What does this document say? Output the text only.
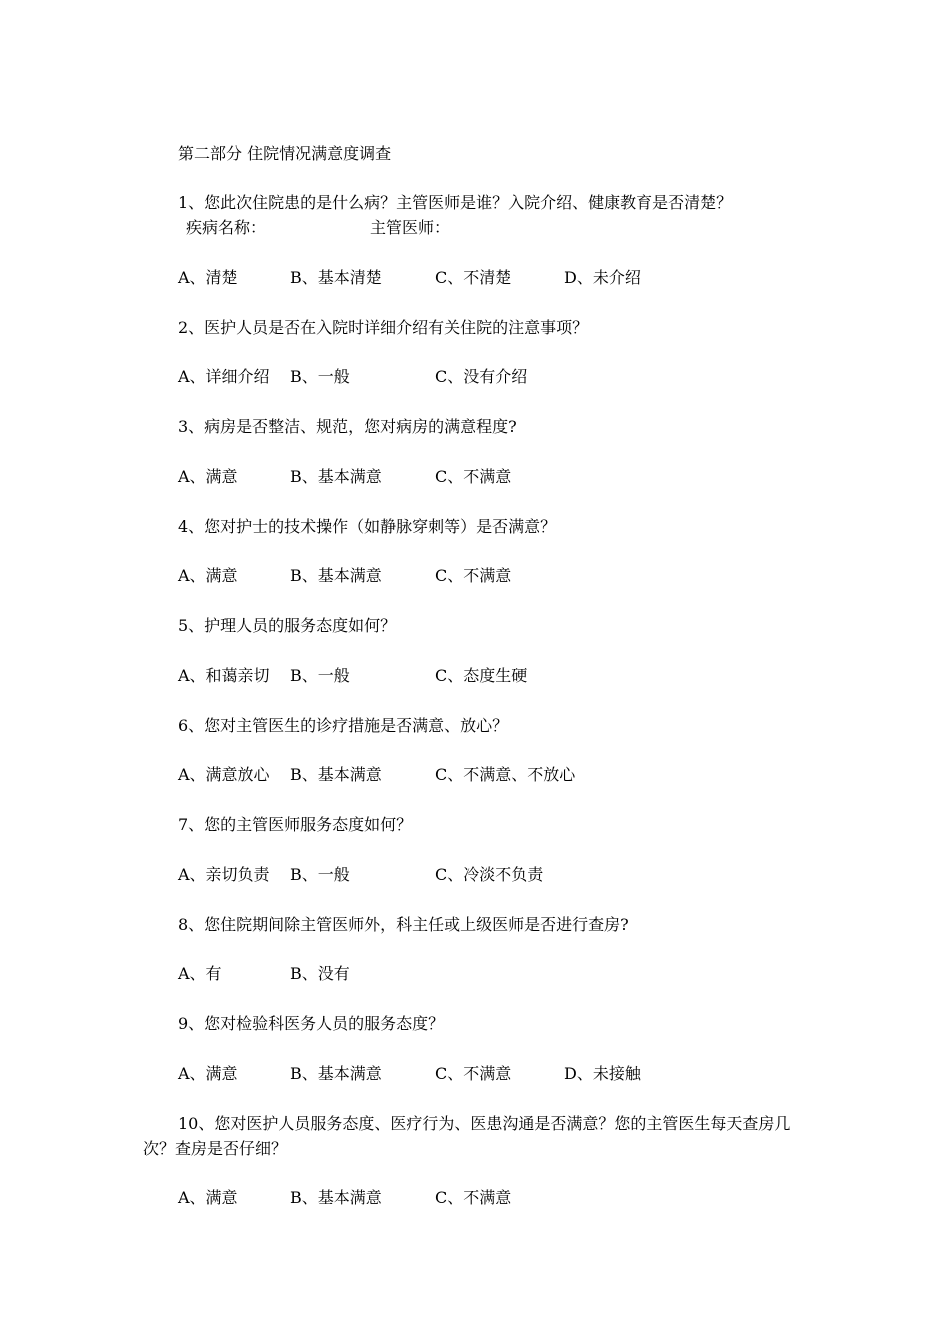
第二部分 住院情况满意度调查
1、您此次住院患的是什么病？主管医师是谁？入院介绍、健康教育是否清楚？
疾病名称：	主管医师：
A、清楚	B、基本清楚	C、不清楚	D、未介绍
2、医护人员是否在入院时详细介绍有关住院的注意事项？
A、详细介绍 B、一般	C、没有介绍
3、病房是否整洁、规范，您对病房的满意程度?
A、满意	B、基本满意	C、不满意
4、您对护士的技术操作（如静脉穿刺等）是否满意？
A、满意	B、基本满意	C、不满意
5、护理人员的服务态度如何？
A、和蔼亲切 B、一般	C、态度生硬
6、您对主管医生的诊疗措施是否满意、放心？
A、满意放心 B、基本满意	C、不满意、不放心
7、您的主管医师服务态度如何？
A、亲切负责 B、一般	C、冷淡不负责
8、您住院期间除主管医师外，科主任或上级医师是否进行查房?
A、有	B、没有
9、您对检验科医务人员的服务态度？
A、满意	B、基本满意	C、不满意	D、未接触
10、您对医护人员服务态度、医疗行为、医患沟通是否满意？您的主管医生每天查房几
次？查房是否仔细？
A、满意	B、基本满意	C、不满意
